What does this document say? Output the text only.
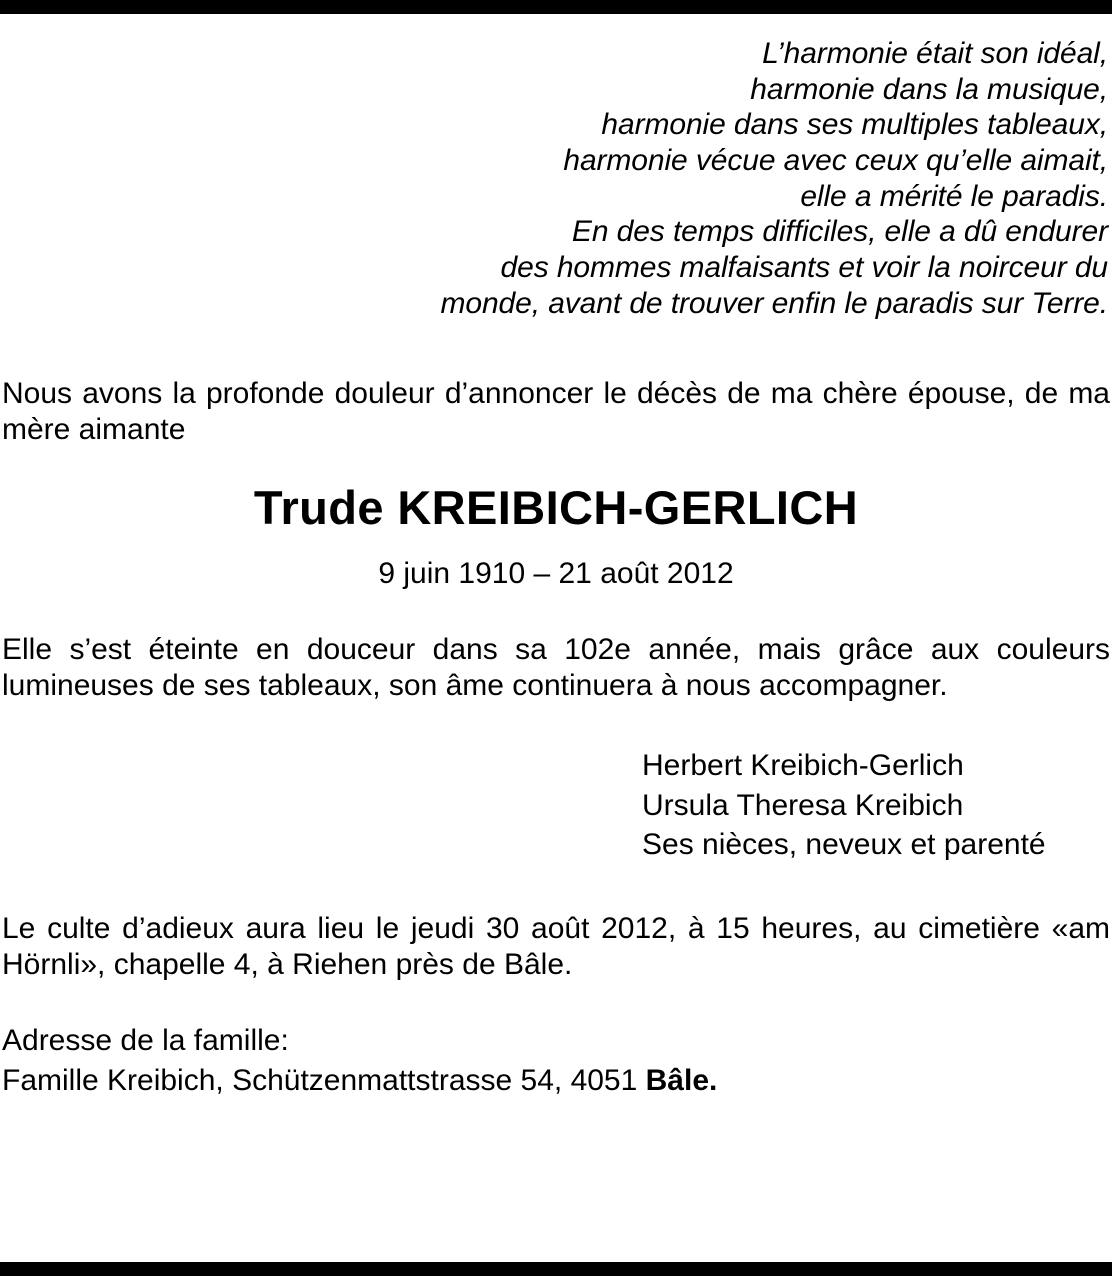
L’harmonie était son idéal,
harmonie dans la musique,
harmonie dans ses multiples tableaux,
harmonie vécue avec ceux qu’elle aimait,
elle a mérité le paradis.
En des temps difficiles, elle a dû endurer
des hommes malfaisants et voir la noirceur du
monde, avant de trouver enfin le paradis sur Terre.

Nous avons la profonde douleur d’annoncer le décès de ma chère épouse, de ma mère aimante

Trude KREIBICH-GERLICH

9 juin 1910 – 21 août 2012

Elle s’est éteinte en douceur dans sa 102e année, mais grâce aux couleurs lumineuses de ses tableaux, son âme continuera à nous accompagner.

Herbert Kreibich-Gerlich
Ursula Theresa Kreibich
Ses nièces, neveux et parenté

Le culte d’adieux aura lieu le jeudi 30 août 2012, à 15 heures, au cimetière «am Hörnli», chapelle 4, à Riehen près de Bâle.

Adresse de la famille:
Famille Kreibich, Schützenmattstrasse 54, 4051 Bâle.
